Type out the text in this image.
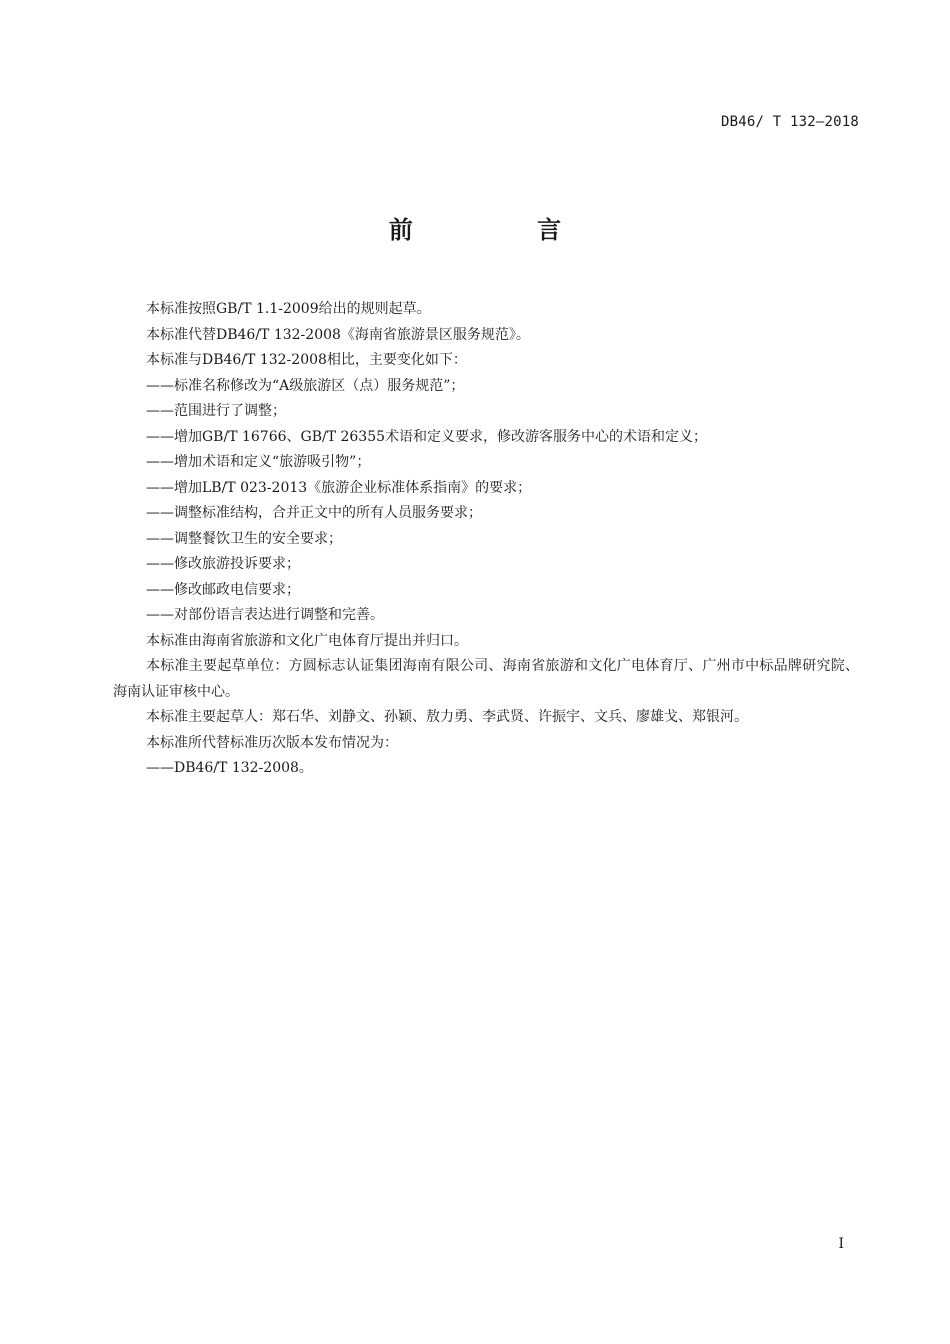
DB46/ T 132—2018
前 言

本标准按照GB/T 1.1-2009给出的规则起草。

本标准代替DB46/T 132-2008《海南省旅游景区服务规范》。

本标准与DB46/T 132-2008相比，主要变化如下：

——标准名称修改为“A级旅游区（点）服务规范”；

——范围进行了调整；

——增加GB/T 16766、GB/T 26355术语和定义要求，修改游客服务中心的术语和定义；

——增加术语和定义“旅游吸引物”；

——增加LB/T 023-2013《旅游企业标准体系指南》的要求；

——调整标准结构，合并正文中的所有人员服务要求；

——调整餐饮卫生的安全要求；

——修改旅游投诉要求；

——修改邮政电信要求；

——对部份语言表达进行调整和完善。

本标准由海南省旅游和文化广电体育厅提出并归口。

本标准主要起草单位：方圆标志认证集团海南有限公司、海南省旅游和文化广电体育厅、广州市中标品牌研究院、海南认证审核中心。

本标准主要起草人：郑石华、刘静文、孙颖、敖力勇、李武贤、许振宇、文兵、廖雄戈、郑银河。

本标准所代替标准历次版本发布情况为：

——DB46/T 132-2008。

I
